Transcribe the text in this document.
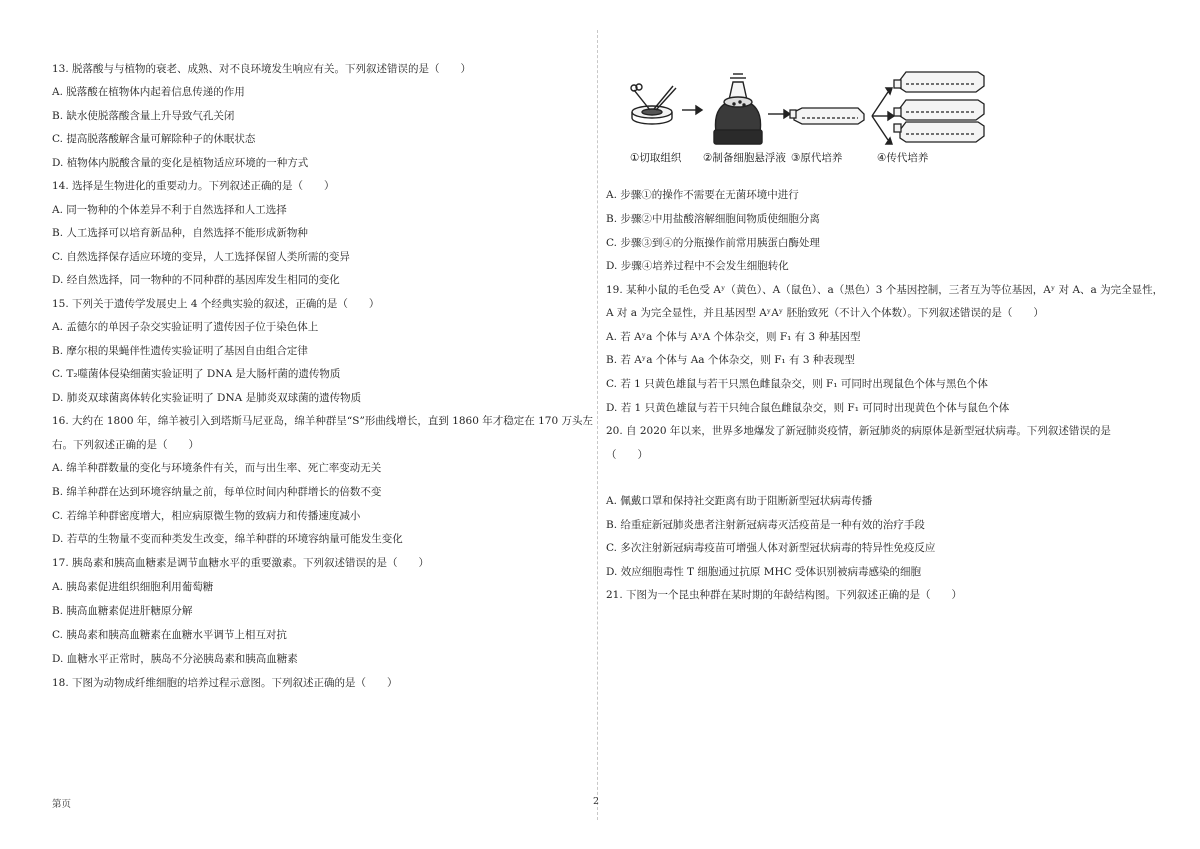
13. 脱落酸与与植物的衰老、成熟、对不良环境发生响应有关。下列叙述错误的是（　　）
A. 脱落酸在植物体内起着信息传递的作用
B. 缺水使脱落酸含量上升导致气孔关闭
C. 提高脱落酸解含量可解除种子的休眠状态
D. 植物体内脱酸含量的变化是植物适应环境的一种方式
14. 选择是生物进化的重要动力。下列叙述正确的是（　　）
A. 同一物种的个体差异不利于自然选择和人工选择
B. 人工选择可以培育新品种，自然选择不能形成新物种
C. 自然选择保存适应环境的变异，人工选择保留人类所需的变异
D. 经自然选择，同一物种的不同种群的基因库发生相同的变化
15. 下列关于遗传学发展史上 4 个经典实验的叙述，正确的是（　　）
A. 孟德尔的单因子杂交实验证明了遗传因子位于染色体上
B. 摩尔根的果蝇伴性遗传实验证明了基因自由组合定律
C. T₂噬菌体侵染细菌实验证明了 DNA 是大肠杆菌的遗传物质
D. 肺炎双球菌离体转化实验证明了 DNA 是肺炎双球菌的遗传物质
16. 大约在 1800 年，绵羊被引入到塔斯马尼亚岛，绵羊种群呈“S”形曲线增长，直到 1860 年才稳定在 170 万头左
右。下列叙述正确的是（　　）
A. 绵羊种群数量的变化与环境条件有关，而与出生率、死亡率变动无关
B. 绵羊种群在达到环境容纳量之前，每单位时间内种群增长的倍数不变
C. 若绵羊种群密度增大，相应病原微生物的致病力和传播速度减小
D. 若草的生物量不变而种类发生改变，绵羊种群的环境容纳量可能发生变化
17. 胰岛素和胰高血糖素是调节血糖水平的重要激素。下列叙述错误的是（　　）
A. 胰岛素促进组织细胞利用葡萄糖
B. 胰高血糖素促进肝糖原分解
C. 胰岛素和胰高血糖素在血糖水平调节上相互对抗
D. 血糖水平正常时，胰岛不分泌胰岛素和胰高血糖素
18. 下图为动物成纤维细胞的培养过程示意图。下列叙述正确的是（　　）
①切取组织 ②制备细胞悬浮液 ③原代培养	④传代培养
A. 步骤①的操作不需要在无菌环境中进行
B. 步骤②中用盐酸溶解细胞间物质使细胞分离
C. 步骤③到④的分瓶操作前常用胰蛋白酶处理
D. 步骤④培养过程中不会发生细胞转化
19. 某种小鼠的毛色受 Aʸ（黄色）、A（鼠色）、a（黑色）3 个基因控制，三者互为等位基因，Aʸ 对 A、a 为完全显性，
A 对 a 为完全显性，并且基因型 AʸAʸ 胚胎致死（不计入个体数）。下列叙述错误的是（　　）
A. 若 Aʸa 个体与 AʸA 个体杂交，则 F₁ 有 3 种基因型
B. 若 Aʸa 个体与 Aa 个体杂交，则 F₁ 有 3 种表现型
C. 若 1 只黄色雄鼠与若干只黑色雌鼠杂交，则 F₁ 可同时出现鼠色个体与黑色个体
D. 若 1 只黄色雄鼠与若干只纯合鼠色雌鼠杂交，则 F₁ 可同时出现黄色个体与鼠色个体
20. 自 2020 年以来，世界多地爆发了新冠肺炎疫情，新冠肺炎的病原体是新型冠状病毒。下列叙述错误的是
（　　）
A. 佩戴口罩和保持社交距离有助于阻断新型冠状病毒传播
B. 给重症新冠肺炎患者注射新冠病毒灭活疫苗是一种有效的治疗手段
C. 多次注射新冠病毒疫苗可增强人体对新型冠状病毒的特异性免疫反应
D. 效应细胞毒性 T 细胞通过抗原 MHC 受体识别被病毒感染的细胞
21. 下图为一个昆虫种群在某时期的年龄结构图。下列叙述正确的是（　　）
第页	2
